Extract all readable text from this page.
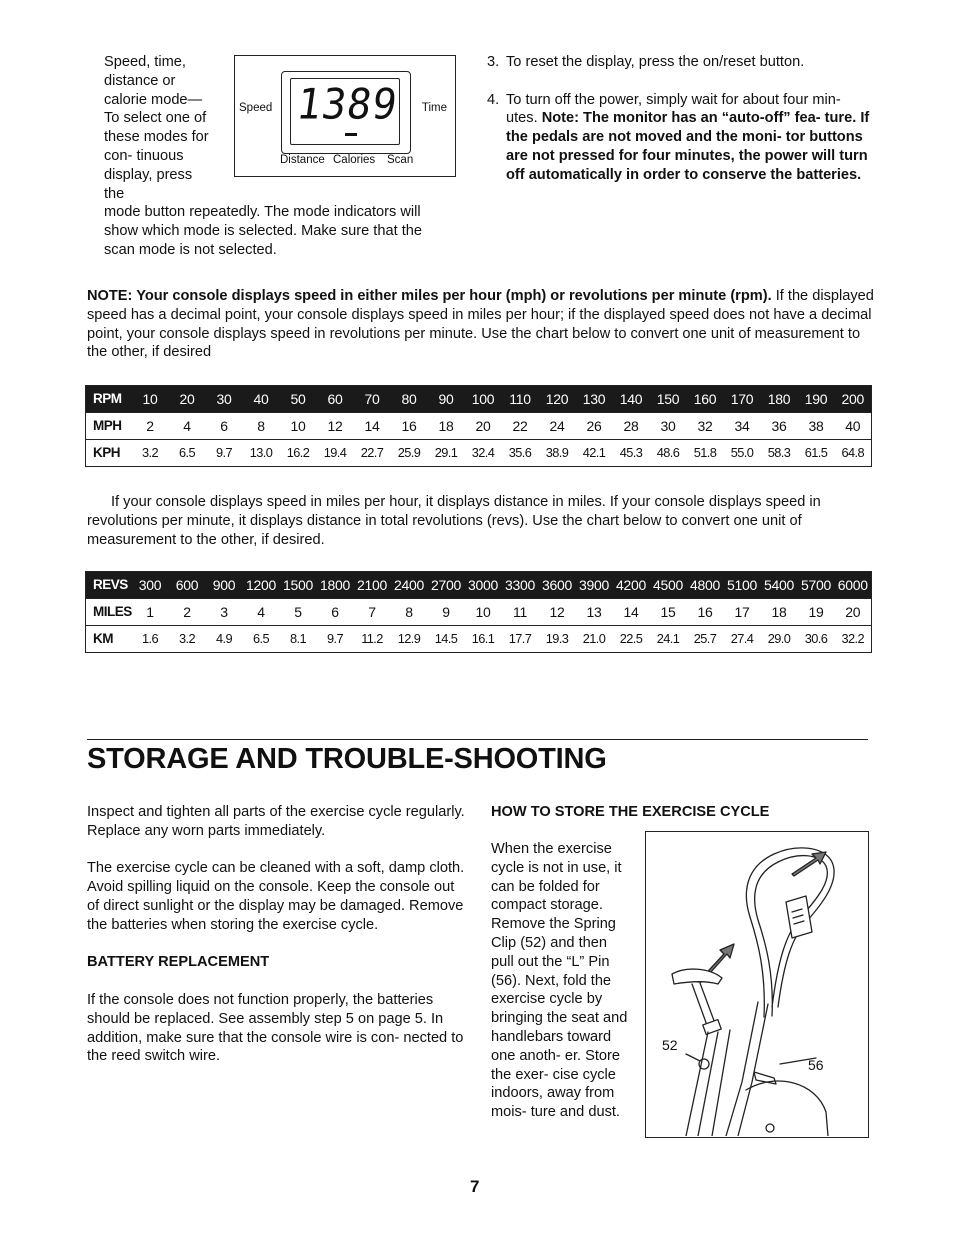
Speed, time, distance or calorie mode— To select one of these modes for con- tinuous display, press the

mode button repeatedly. The mode indicators will show which mode is selected. Make sure that the scan mode is not selected.

Speed 1389 Time
Distance Calories Scan
3. To reset the display, press the on/reset button.
4. To turn off the power, simply wait for about four min- utes. Note: The monitor has an “auto-off” fea- ture. If the pedals are not moved and the moni- tor buttons are not pressed for four minutes, the power will turn off automatically in order to conserve the batteries.

NOTE: Your console displays speed in either miles per hour (mph) or revolutions per minute (rpm). If the displayed speed has a decimal point, your console displays speed in miles per hour; if the displayed speed does not have a decimal point, your console displays speed in revolutions per minute. Use the chart below to convert one unit of measurement to the other, if desired

RPM	10	20	30	40	50	60	70	80	90	100	110	120	130	140	150	160	170	180	190	200
MPH	2	4	6	8	10	12	14	16	18	20	22	24	26	28	30	32	34	36	38	40
KPH	3.2	6.5	9.7	13.0	16.2	19.4	22.7	25.9	29.1	32.4	35.6	38.9	42.1	45.3	48.6	51.8	55.0	58.3	61.5	64.8

If your console displays speed in miles per hour, it displays distance in miles. If your console displays speed in revolutions per minute, it displays distance in total revolutions (revs). Use the chart below to convert one unit of measurement to the other, if desired.

REVS	300	600	900	1200	1500	1800	2100	2400	2700	3000	3300	3600	3900	4200	4500	4800	5100	5400	5700	6000
MILES	1	2	3	4	5	6	7	8	9	10	11	12	13	14	15	16	17	18	19	20
KM	1.6	3.2	4.9	6.5	8.1	9.7	11.2	12.9	14.5	16.1	17.7	19.3	21.0	22.5	24.1	25.7	27.4	29.0	30.6	32.2
STORAGE AND TROUBLE-SHOOTING

Inspect and tighten all parts of the exercise cycle regularly. Replace any worn parts immediately.

The exercise cycle can be cleaned with a soft, damp cloth. Avoid spilling liquid on the console. Keep the console out of direct sunlight or the display may be damaged. Remove the batteries when storing the exercise cycle.

BATTERY REPLACEMENT

If the console does not function properly, the batteries should be replaced. See assembly step 5 on page 5. In addition, make sure that the console wire is con- nected to the reed switch wire.

HOW TO STORE THE EXERCISE CYCLE

When the exercise cycle is not in use, it can be folded for compact storage. Remove the Spring Clip (52) and then pull out the “L” Pin (56). Next, fold the exercise cycle by bringing the seat and handlebars toward one anoth- er. Store the exer- cise cycle indoors, away from mois- ture and dust.

52
56

7
